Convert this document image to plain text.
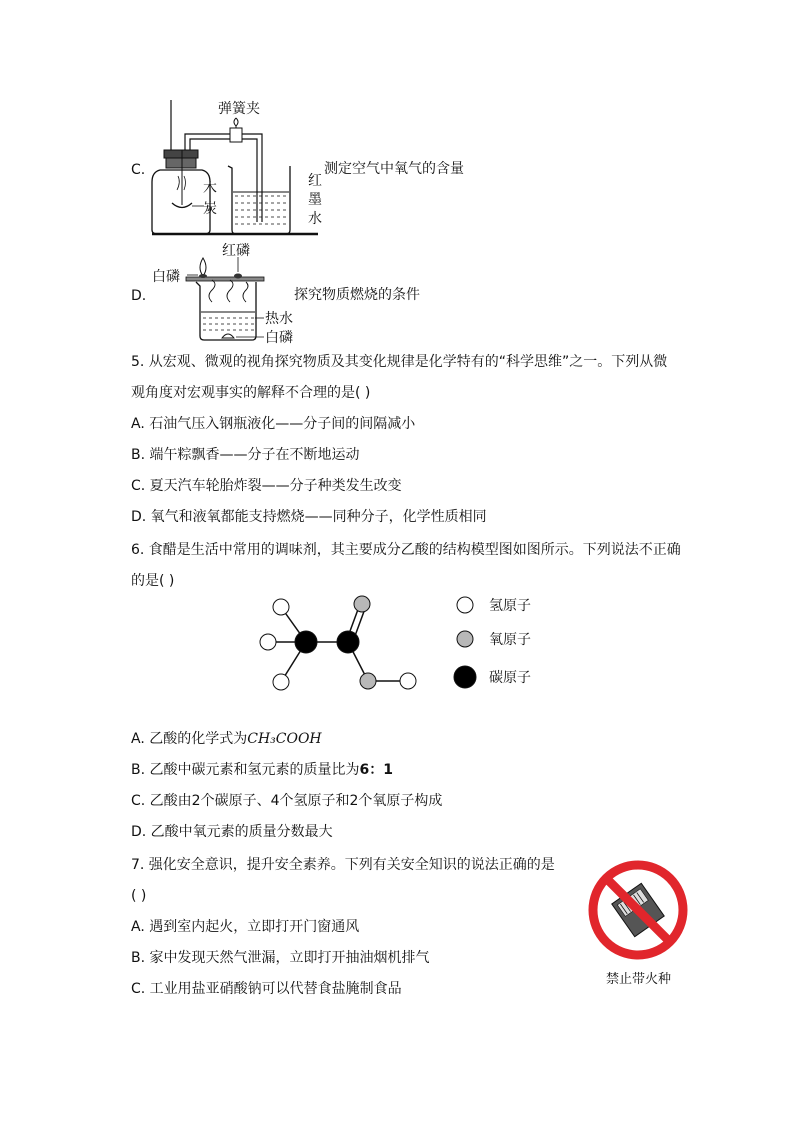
C.
弹簧夹
木
炭
红
墨
水
测定空气中氧气的含量
D.
红磷
白磷
热水
白磷
探究物质燃烧的条件
5. 从宏观、微观的视角探究物质及其变化规律是化学特有的“科学思维”之一。下列从微
观角度对宏观事实的解释不合理的是( )
A. 石油气压入钢瓶液化——分子间的间隔减小
B. 端午粽飘香——分子在不断地运动
C. 夏天汽车轮胎炸裂——分子种类发生改变
D. 氧气和液氧都能支持燃烧——同种分子，化学性质相同
6. 食醋是生活中常用的调味剂，其主要成分乙酸的结构模型图如图所示。下列说法不正确
的是( )
氢原子
氧原子
碳原子
A. 乙酸的化学式为CH₃COOH
B. 乙酸中碳元素和氢元素的质量比为6：1
C. 乙酸由2个碳原子、4个氢原子和2个氧原子构成
D. 乙酸中氧元素的质量分数最大
7. 强化安全意识，提升安全素养。下列有关安全知识的说法正确的是
( )
A. 遇到室内起火，立即打开门窗通风
B. 家中发现天然气泄漏，立即打开抽油烟机排气
C. 工业用盐亚硝酸钠可以代替食盐腌制食品
禁止带火种
